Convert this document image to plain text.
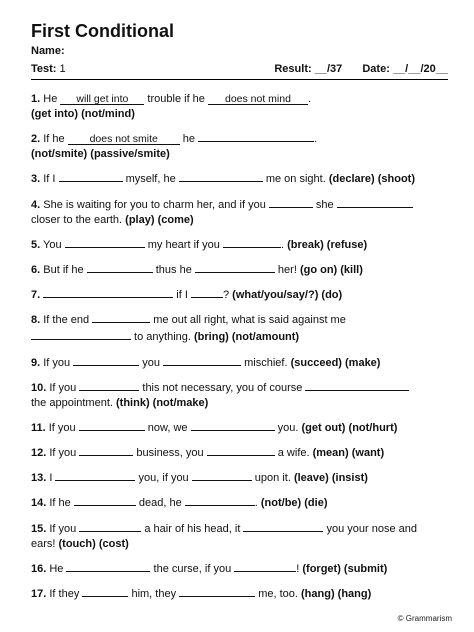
First Conditional
Name:
Test: 1	Result: __/37 Date: __/__/20__
1. He will get into trouble if he does not mind .
(get into) (not/mind)
2. If he does not smite he	.
(not/smite) (passive/smite)
3. If I	myself, he	me on sight. (declare) (shoot)
4. She is waiting for you to charm her, and if you	she
closer to the earth. (play) (come)
5. You	my heart if you	. (break) (refuse)
6. But if he	thus he	her! (go on) (kill)
7.	if I	? (what/you/say/?) (do)
8. If the end	me out all right, what is said against me
to anything. (bring) (not/amount)
9. If you	you	mischief. (succeed) (make)
10. If you	this not necessary, you of course
the appointment. (think) (not/make)
11. If you	now, we	you. (get out) (not/hurt)
12. If you	business, you	a wife. (mean) (want)
13. I	you, if you	upon it. (leave) (insist)
14. If he	dead, he	. (not/be) (die)
15. If you	a hair of his head, it	you your nose and
ears! (touch) (cost)
16. He	the curse, if you	! (forget) (submit)
17. If they	him, they	me, too. (hang) (hang)
© Grammarism
